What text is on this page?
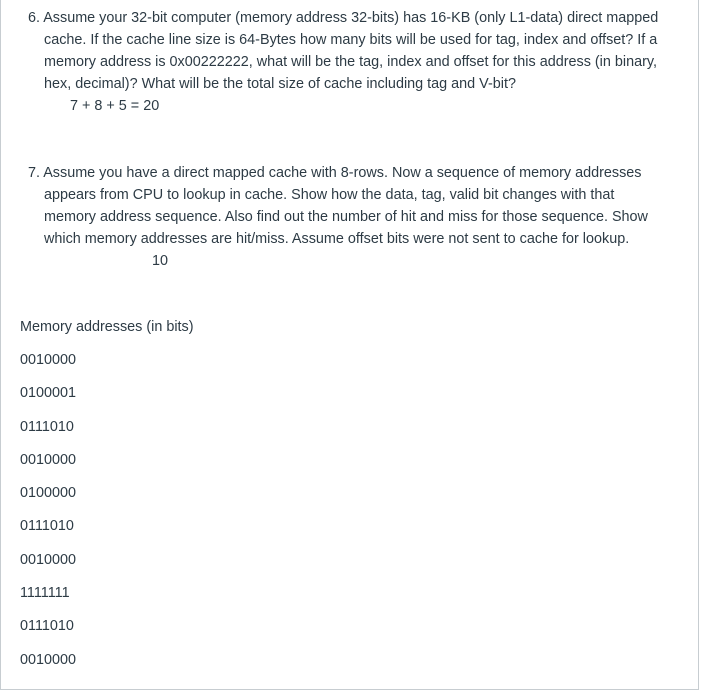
6. Assume your 32-bit computer (memory address 32-bits) has 16-KB (only L1-data) direct mapped
cache. If the cache line size is 64-Bytes how many bits will be used for tag, index and offset? If a
memory address is 0x00222222, what will be the tag, index and offset for this address (in binary,
hex, decimal)? What will be the total size of cache including tag and V-bit?
7 + 8 + 5 = 20
7. Assume you have a direct mapped cache with 8-rows. Now a sequence of memory addresses
appears from CPU to lookup in cache. Show how the data, tag, valid bit changes with that
memory address sequence. Also find out the number of hit and miss for those sequence. Show
which memory addresses are hit/miss. Assume offset bits were not sent to cache for lookup.
10
Memory addresses (in bits)
0010000
0100001
0111010
0010000
0100000
0111010
0010000
1111111
0111010
0010000
